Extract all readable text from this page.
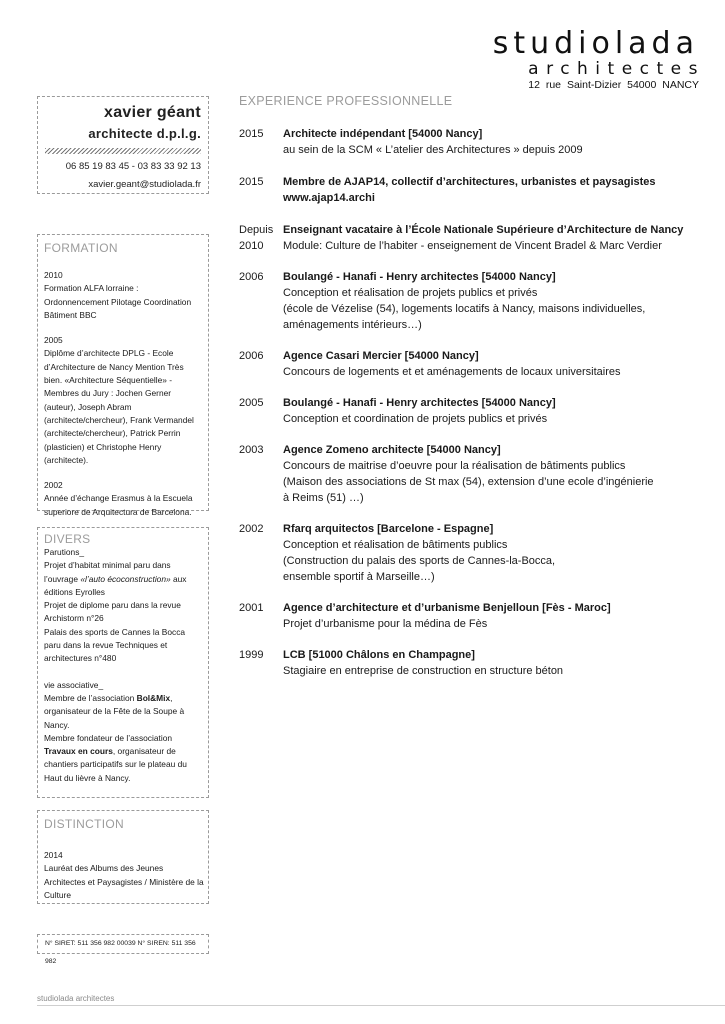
studiolada
architectes
12 rue Saint-Dizier 54000 NANCY
xavier géant
architecte d.p.l.g.
06 85 19 83 45 - 03 83 33 92 13
xavier.geant@studiolada.fr
FORMATION
2010
Formation ALFA lorraine : Ordonnencement Pilotage Coordination Bâtiment BBC
2005
Diplôme d’architecte DPLG - Ecole d’Architecture de Nancy Mention Très bien. «Architecture Séquentielle» - Membres du Jury : Jochen Gerner (auteur), Joseph Abram (architecte/chercheur), Frank Vermandel (architecte/chercheur), Patrick Perrin (plasticien) et Christophe Henry (architecte).
2002
Année d’échange Erasmus à la Escuela superiore de Arquitectura de Barcelona.
DIVERS
Parutions_
Projet d’habitat minimal paru dans l’ouvrage «l’auto écoconstruction» aux éditions Eyrolles
Projet de diplome paru dans la revue Archistorm n°26
Palais des sports de Cannes la Bocca paru dans la revue Techniques et architectures n°480
vie associative_
Membre de l’association Bol&Mix, organisateur de la Fête de la Soupe à Nancy.
Membre fondateur de l’association Travaux en cours, organisateur de chantiers participatifs sur le plateau du Haut du lièvre à Nancy.
DISTINCTION
2014
Lauréat des Albums des Jeunes Architectes et Paysagistes / Ministère de la Culture
N° SIRET: 511 356 982 00039 N° SIREN: 511 356 982
EXPERIENCE PROFESSIONNELLE
2015	Architecte indépendant [54000 Nancy]
au sein de la SCM « L’atelier des Architectures » depuis 2009
2015	Membre de AJAP14, collectif d’architectures, urbanistes et paysagistes
www.ajap14.archi
Depuis 2010
Enseignant vacataire à l’École Nationale Supérieure d’Architecture de Nancy
Module: Culture de l’habiter - enseignement de Vincent Bradel & Marc Verdier
2006	Boulangé - Hanafi - Henry architectes [54000 Nancy]
Conception et réalisation de projets publics et privés
(école de Vézelise (54), logements locatifs à Nancy, maisons individuelles,
aménagements intérieurs…)
2006	Agence Casari Mercier [54000 Nancy]
Concours de logements et et aménagements de locaux universitaires
2005	Boulangé - Hanafi - Henry architectes [54000 Nancy]
Conception et coordination de projets publics et privés
2003	Agence Zomeno architecte [54000 Nancy]
Concours de maitrise d’oeuvre pour la réalisation de bâtiments publics
(Maison des associations de St max (54), extension d’une ecole d’ingénierie
à Reims (51) …)
2002	Rfarq arquitectos [Barcelone - Espagne]
Conception et réalisation de bâtiments publics
(Construction du palais des sports de Cannes-la-Bocca,
ensemble sportif à Marseille…)
2001	Agence d’architecture et d’urbanisme Benjelloun [Fès - Maroc]
Projet d’urbanisme pour la médina de Fès
1999	LCB [51000 Châlons en Champagne]
Stagiaire en entreprise de construction en structure béton
studiolada architectes
